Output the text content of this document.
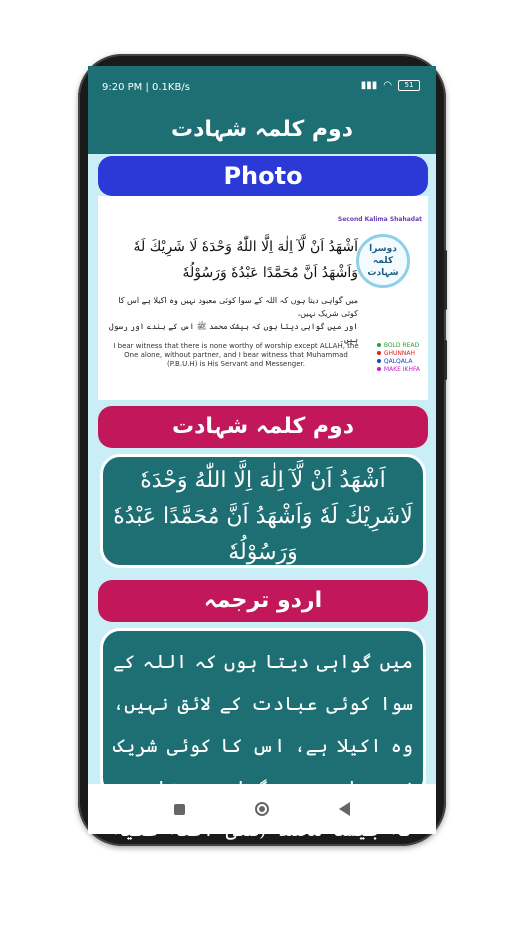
9:20 PM | 0.1KB/s	▮▮▮ ◠	51
دوم کلمہ شہادت
Photo
Second Kalima Shahadat
دوسرا کلمہ شہادت
اَشْهَدُ اَنْ لَّآ اِلٰهَ اِلَّا اللّٰهُ وَحْدَهٗ لَا شَرِيْكَ لَهٗ
وَاَشْهَدُ اَنَّ مُحَمَّدًا عَبْدُهٗ وَرَسُوْلُهٗ
میں گواہی دیتا ہوں کہ اللہ کے سوا کوئی معبود نہیں وہ اکیلا ہے اس کا کوئی شریک نہیں،
اور میں گواہی دیتا ہوں کہ بیشک محمد ﷺ اس کے بندے اور رسول ہیں۔
I bear witness that there is none worthy of worship except ALLAH, the One alone, without partner, and I bear witness that Muhammad (P.B.U.H) is His Servant and Messenger.
BOLD READ
GHUNNAH
QALQALA
MAKE IKHFA
دوم کلمہ شہادت
اَشْهَدُ اَنْ لَّآ اِلٰهَ اِلَّا اللّٰهُ وَحْدَهٗ لَاشَرِيْكَ لَهٗ وَاَشْهَدُ اَنَّ مُحَمَّدًا عَبْدُهٗ وَرَسُوْلُهٗ
اردو ترجمہ
میں گواہی دیتا ہوں کہ اللہ کے سوا کوئی عبادت کے لائق نہیں، وہ اکیلا ہے، اس کا کوئی شریک وآلہ وسلم) اللہ کے بندے اور رسول ہیں
